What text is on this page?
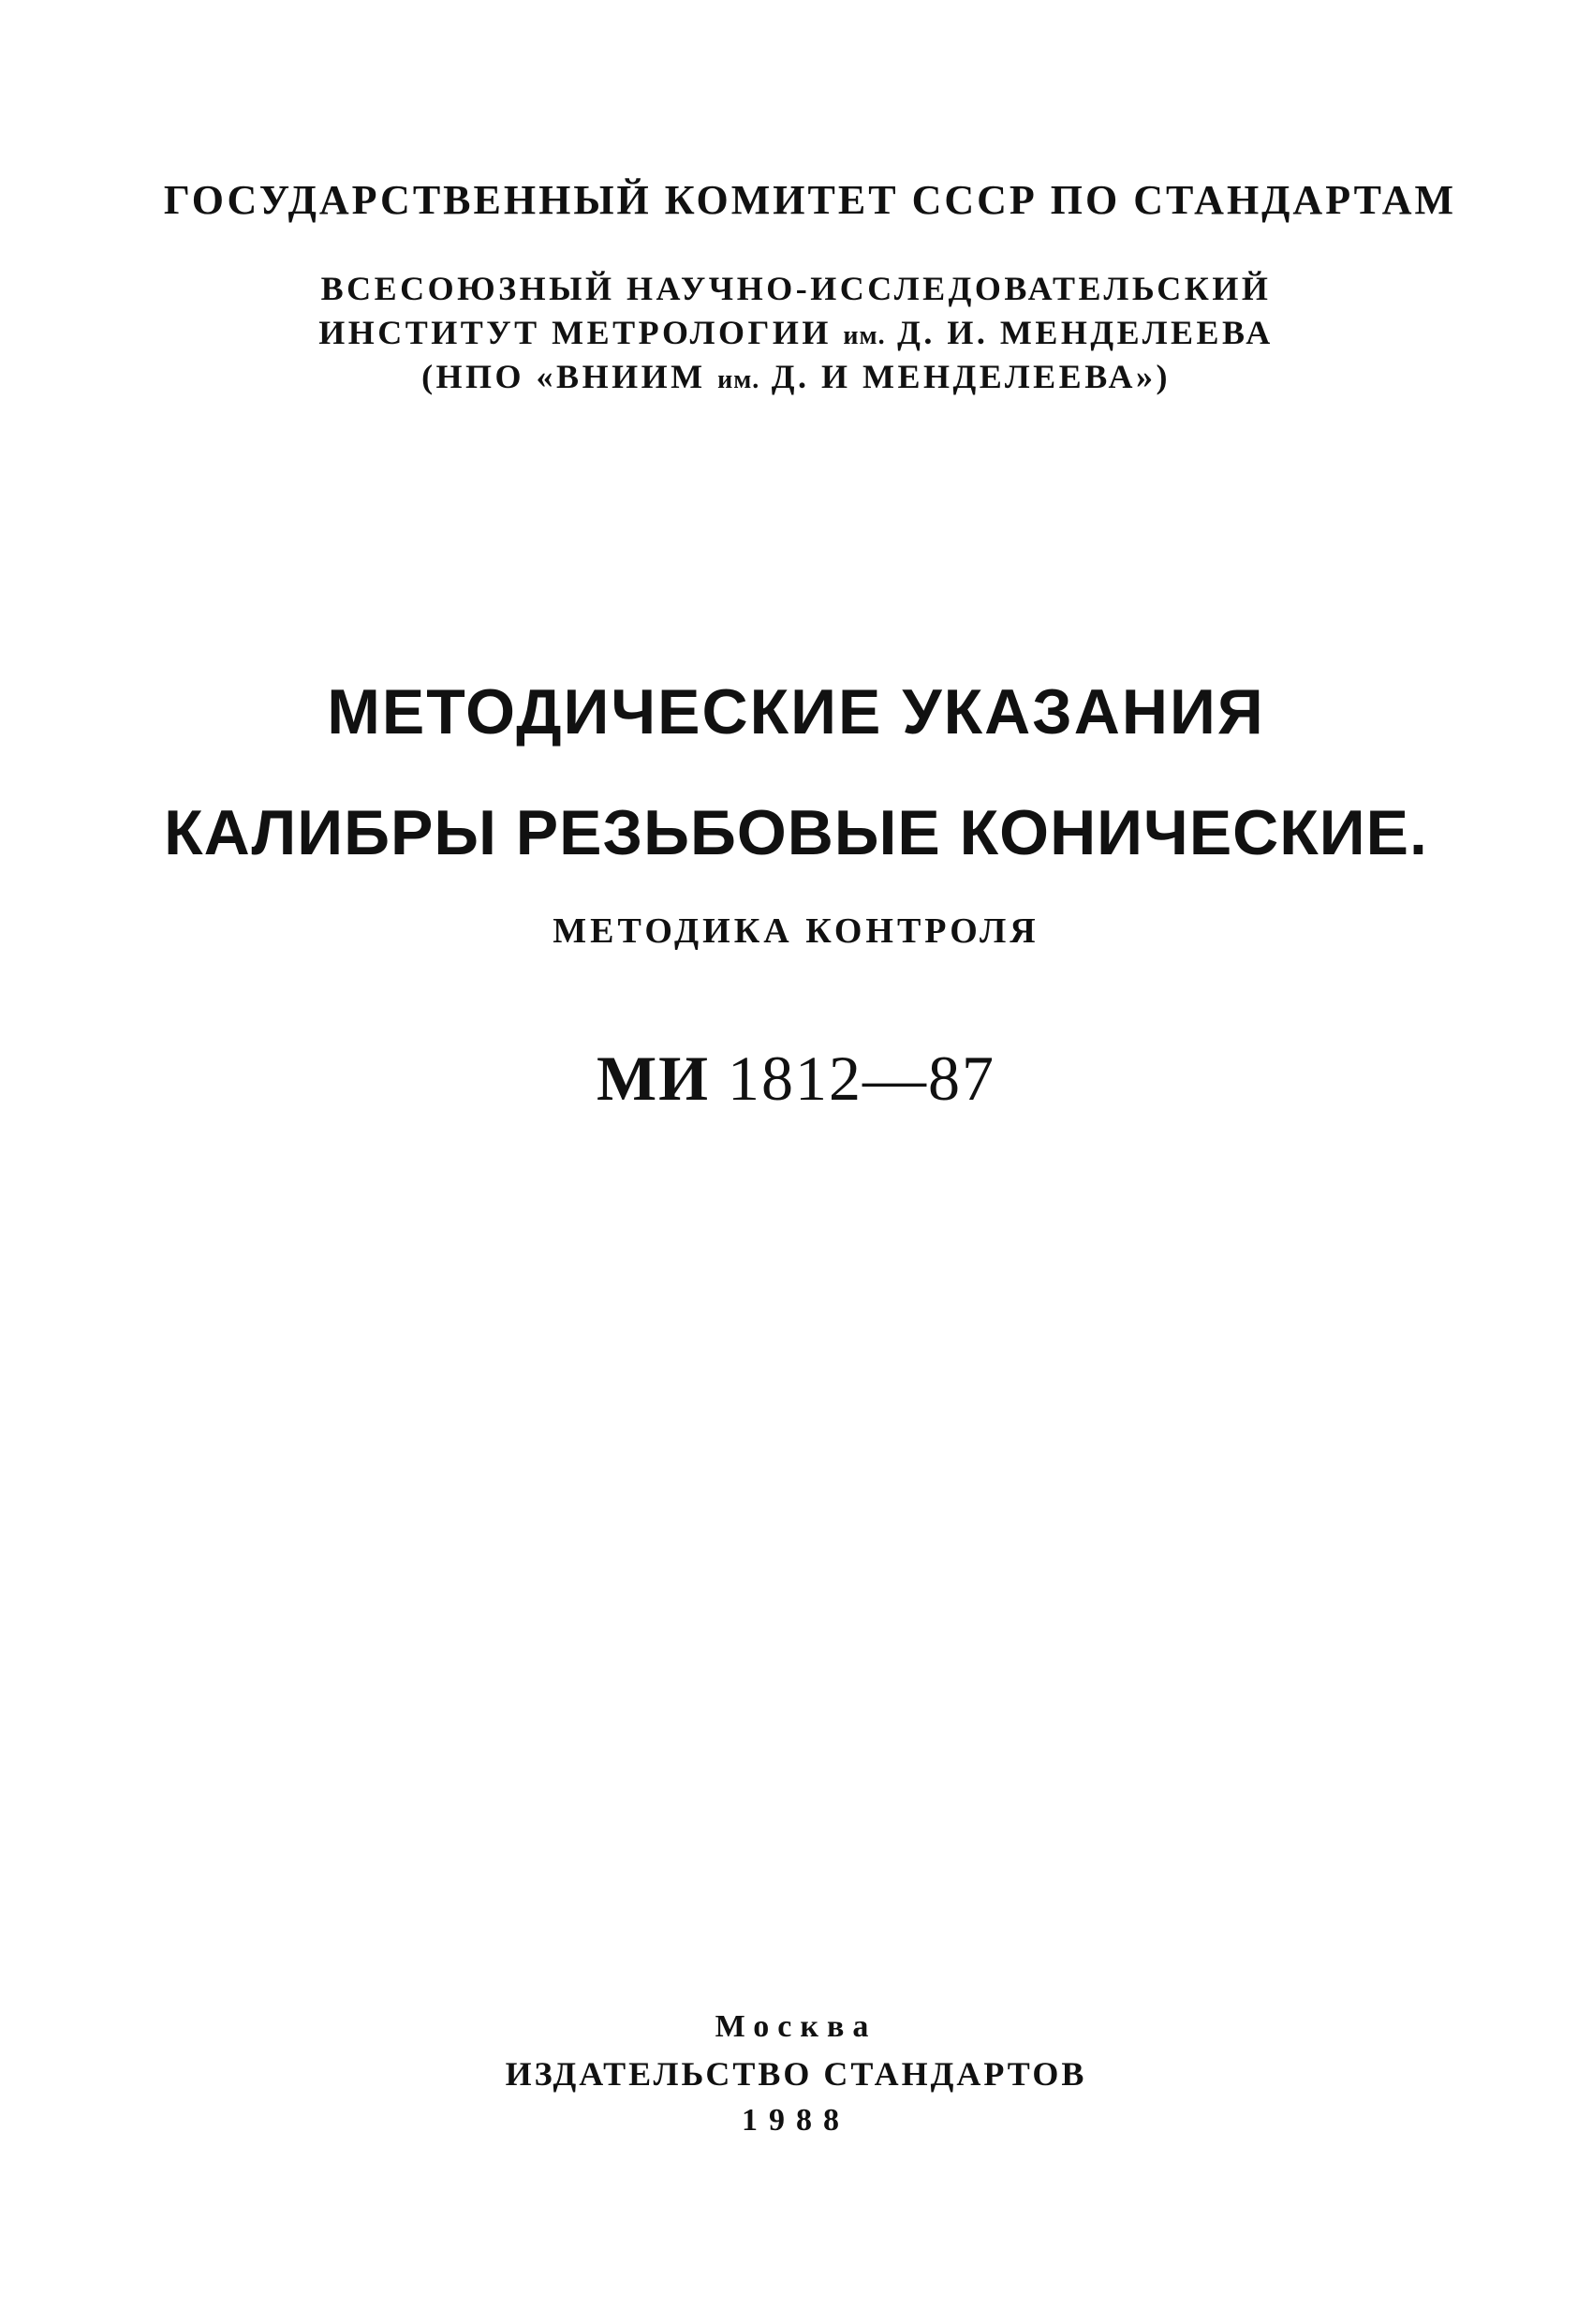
ГОСУДАРСТВЕННЫЙ КОМИТЕТ СССР ПО СТАНДАРТАМ
ВСЕСОЮЗНЫЙ НАУЧНО-ИССЛЕДОВАТЕЛЬСКИЙ
ИНСТИТУТ МЕТРОЛОГИИ им. Д. И. МЕНДЕЛЕЕВА
(НПО «ВНИИМ им. Д. И МЕНДЕЛЕЕВА»)
МЕТОДИЧЕСКИЕ УКАЗАНИЯ
КАЛИБРЫ РЕЗЬБОВЫЕ КОНИЧЕСКИЕ.
МЕТОДИКА КОНТРОЛЯ
МИ 1812—87
Москва
ИЗДАТЕЛЬСТВО СТАНДАРТОВ
1988
